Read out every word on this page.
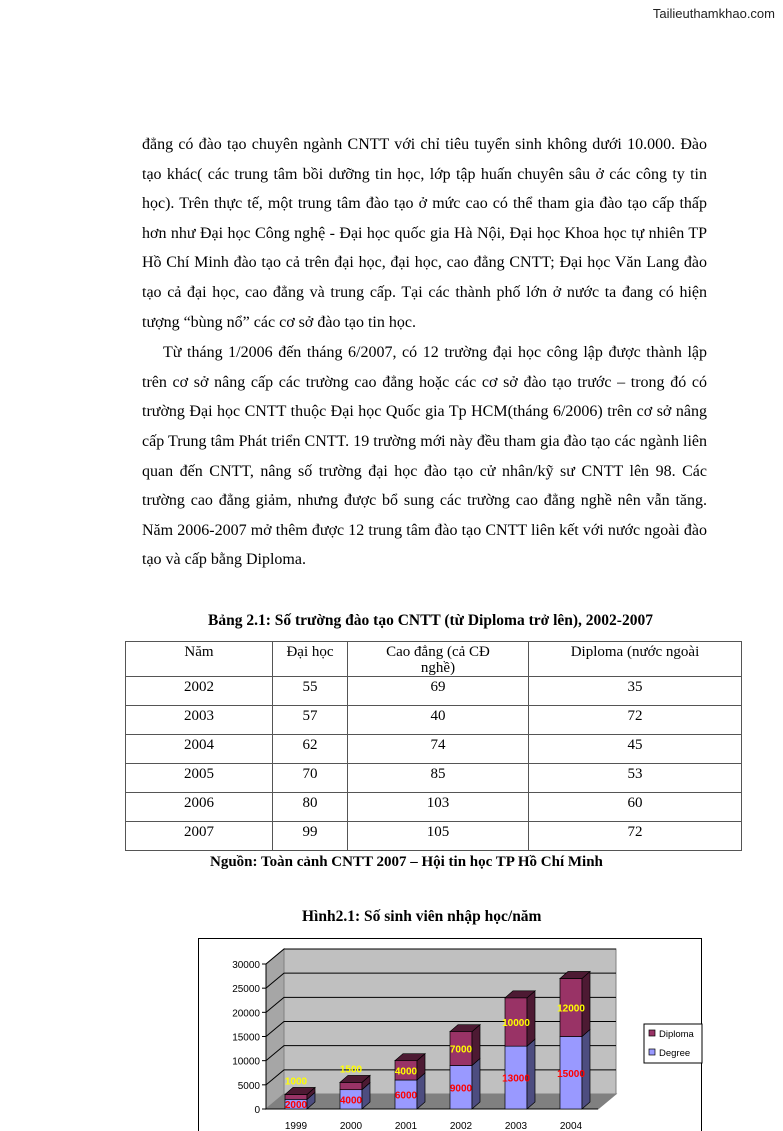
Tailieuthamkhao.com

đẳng có đào tạo chuyên ngành CNTT với chỉ tiêu tuyển sinh không dưới 10.000. Đào tạo khác( các trung tâm bồi dưỡng tin học, lớp tập huấn chuyên sâu ở các công ty tin học). Trên thực tế, một trung tâm đào tạo ở mức cao có thể tham gia đào tạo cấp thấp hơn như Đại học Công nghệ - Đại học quốc gia Hà Nội, Đại học Khoa học tự nhiên TP Hồ Chí Minh đào tạo cả trên đại học, đại học, cao đẳng CNTT; Đại học Văn Lang đào tạo cả đại học, cao đẳng và trung cấp. Tại các thành phố lớn ở nước ta đang có hiện tượng “bùng nổ” các cơ sở đào tạo tin học.

Từ tháng 1/2006 đến tháng 6/2007, có 12 trường đại học công lập được thành lập trên cơ sở nâng cấp các trường cao đẳng hoặc các cơ sở đào tạo trước – trong đó có trường Đại học CNTT thuộc Đại học Quốc gia Tp HCM(tháng 6/2006) trên cơ sở nâng cấp Trung tâm Phát triển CNTT. 19 trường mới này đều tham gia đào tạo các ngành liên quan đến CNTT, nâng số trường đại học đào tạo cử nhân/kỹ sư CNTT lên 98. Các trường cao đẳng giảm, nhưng được bổ sung các trường cao đẳng nghề nên vẫn tăng. Năm 2006-2007 mở thêm được 12 trung tâm đào tạo CNTT liên kết với nước ngoài đào tạo và cấp bằng Diploma.

Bảng 2.1: Số trường đào tạo CNTT (từ Diploma trở lên), 2002-2007
Năm	Đại học	Cao đẳng (cả CĐ nghề)	Diploma (nước ngoài
2002	55	69	35
2003	57	40	72
2004	62	74	45
2005	70	85	53
2006	80	103	60
2007	99	105	72
Nguồn: Toàn cảnh CNTT 2007 – Hội tin học TP Hồ Chí Minh
Hình2.1: Số sinh viên nhập học/năm
0
5000
10000
15000
20000
25000
30000
1999
2000
1000
2000
4000
1500
2001
6000
4000
2002
9000
7000
2003
13000
10000
2004
15000
12000
Diploma
Degree
